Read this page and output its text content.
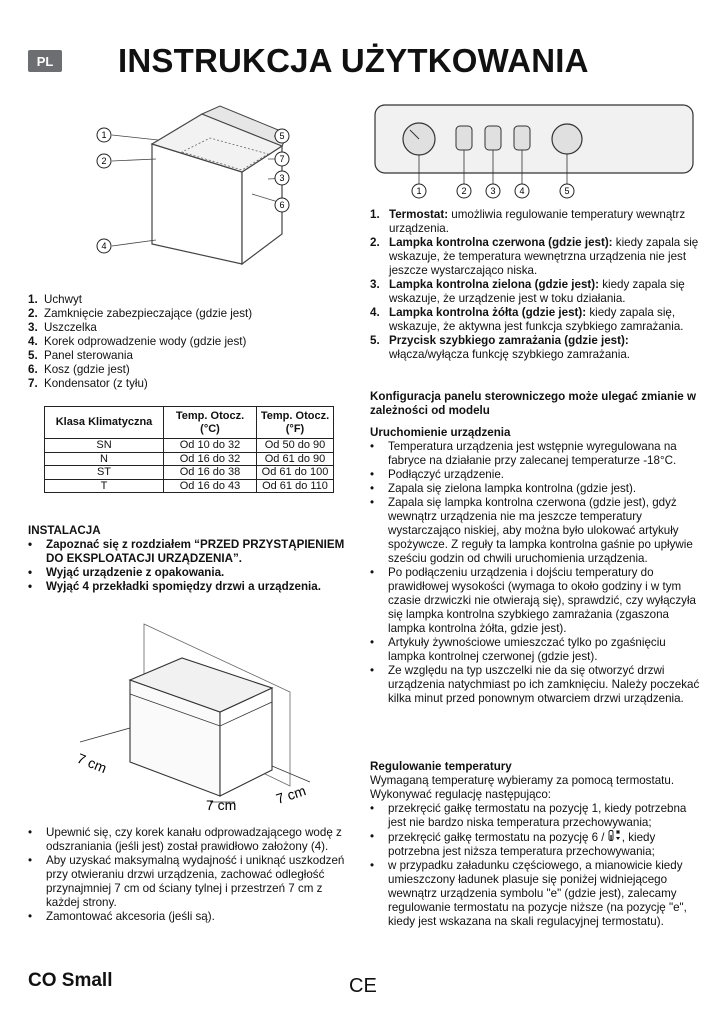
PL INSTRUKCJA UŻYTKOWANIA
1
2
4
5
7
3
6
1. Uchwyt
2. Zamknięcie zabezpieczające (gdzie jest)
3. Uszczelka
4. Korek odprowadzenie wody (gdzie jest)
5. Panel sterowania
6. Kosz (gdzie jest)
7. Kondensator (z tyłu)
Klasa Klimatyczna	Temp. Otocz. (°C)	Temp. Otocz. (°F)
SN	Od 10 do 32	Od 50 do 90
N	Od 16 do 32	Od 61 do 90
ST	Od 16 do 38	Od 61 do 100
T	Od 16 do 43	Od 61 do 110
INSTALACJA
•	Zapoznać się z rozdziałem “PRZED PRZYSTĄPIENIEM DO EKSPLOATACJI URZĄDZENIA”.
•	Wyjąć urządzenie z opakowania.
•	Wyjąć 4 przekładki spomiędzy drzwi a urządzenia.
7 cm
7 cm	7 cm
•	Upewnić się, czy korek kanału odprowadzającego wodę z odszraniania (jeśli jest) został prawidłowo założony (4).
•	Aby uzyskać maksymalną wydajność i uniknąć uszkodzeń przy otwieraniu drzwi urządzenia, zachować odległość przynajmniej 7 cm od ściany tylnej i przestrzeń 7 cm z każdej strony.
•	Zamontować akcesoria (jeśli są).
1	2	3	4	5
1. Termostat: umożliwia regulowanie temperatury wewnątrz urządzenia.
2. Lampka kontrolna czerwona (gdzie jest): kiedy zapala się wskazuje, że temperatura wewnętrzna urządzenia nie jest jeszcze wystarczająco niska.
3. Lampka kontrolna zielona (gdzie jest): kiedy zapala się wskazuje, że urządzenie jest w toku działania.
4. Lampka kontrolna żółta (gdzie jest): kiedy zapala się, wskazuje, że aktywna jest funkcja szybkiego zamrażania.
5. Przycisk szybkiego zamrażania (gdzie jest): włącza/wyłącza funkcję szybkiego zamrażania.
Konfiguracja panelu sterowniczego może ulegać zmianie w zależności od modelu
Uruchomienie urządzenia
•	Temperatura urządzenia jest wstępnie wyregulowana na fabryce na działanie przy zalecanej temperaturze -18°C.
•	Podłączyć urządzenie.
•	Zapala się zielona lampka kontrolna (gdzie jest).
•	Zapala się lampka kontrolna czerwona (gdzie jest), gdyż wewnątrz urządzenia nie ma jeszcze temperatury wystarczająco niskiej, aby można było ulokować artykuły spożywcze. Z reguły ta lampka kontrolna gaśnie po upływie sześciu godzin od chwili uruchomienia urządzenia.
•	Po podłączeniu urządzenia i dojściu temperatury do prawidłowej wysokości (wymaga to około godziny i w tym czasie drzwiczki nie otwierają się), sprawdzić, czy wyłączyła się lampka kontrolna szybkiego zamrażania (zgaszona lampka kontrolna żółta, gdzie jest).
•	Artykuły żywnościowe umieszczać tylko po zgaśnięciu lampka kontrolnej czerwonej (gdzie jest).
•	Ze względu na typ uszczelki nie da się otworzyć drzwi urządzenia natychmiast po ich zamknięciu. Należy poczekać kilka minut przed ponownym otwarciem drzwi urządzenia.
Regulowanie temperatury
Wymaganą temperaturę wybieramy za pomocą termostatu. Wykonywać regulację następująco:
•	przekręcić gałkę termostatu na pozycję 1, kiedy potrzebna jest nie bardzo niska temperatura przechowywania;
•	przekręcić gałkę termostatu na pozycję 6 / , kiedy potrzebna jest niższa temperatura przechowywania;
•	w przypadku załadunku częściowego, a mianowicie kiedy umieszczony ładunek plasuje się poniżej widniejącego wewnątrz urządzenia symbolu "e" (gdzie jest), zalecamy regulowanie termostatu na pozycje niższe (na pozycję "e", kiedy jest wskazana na skali regulacyjnej termostatu).
CO Small	CE
